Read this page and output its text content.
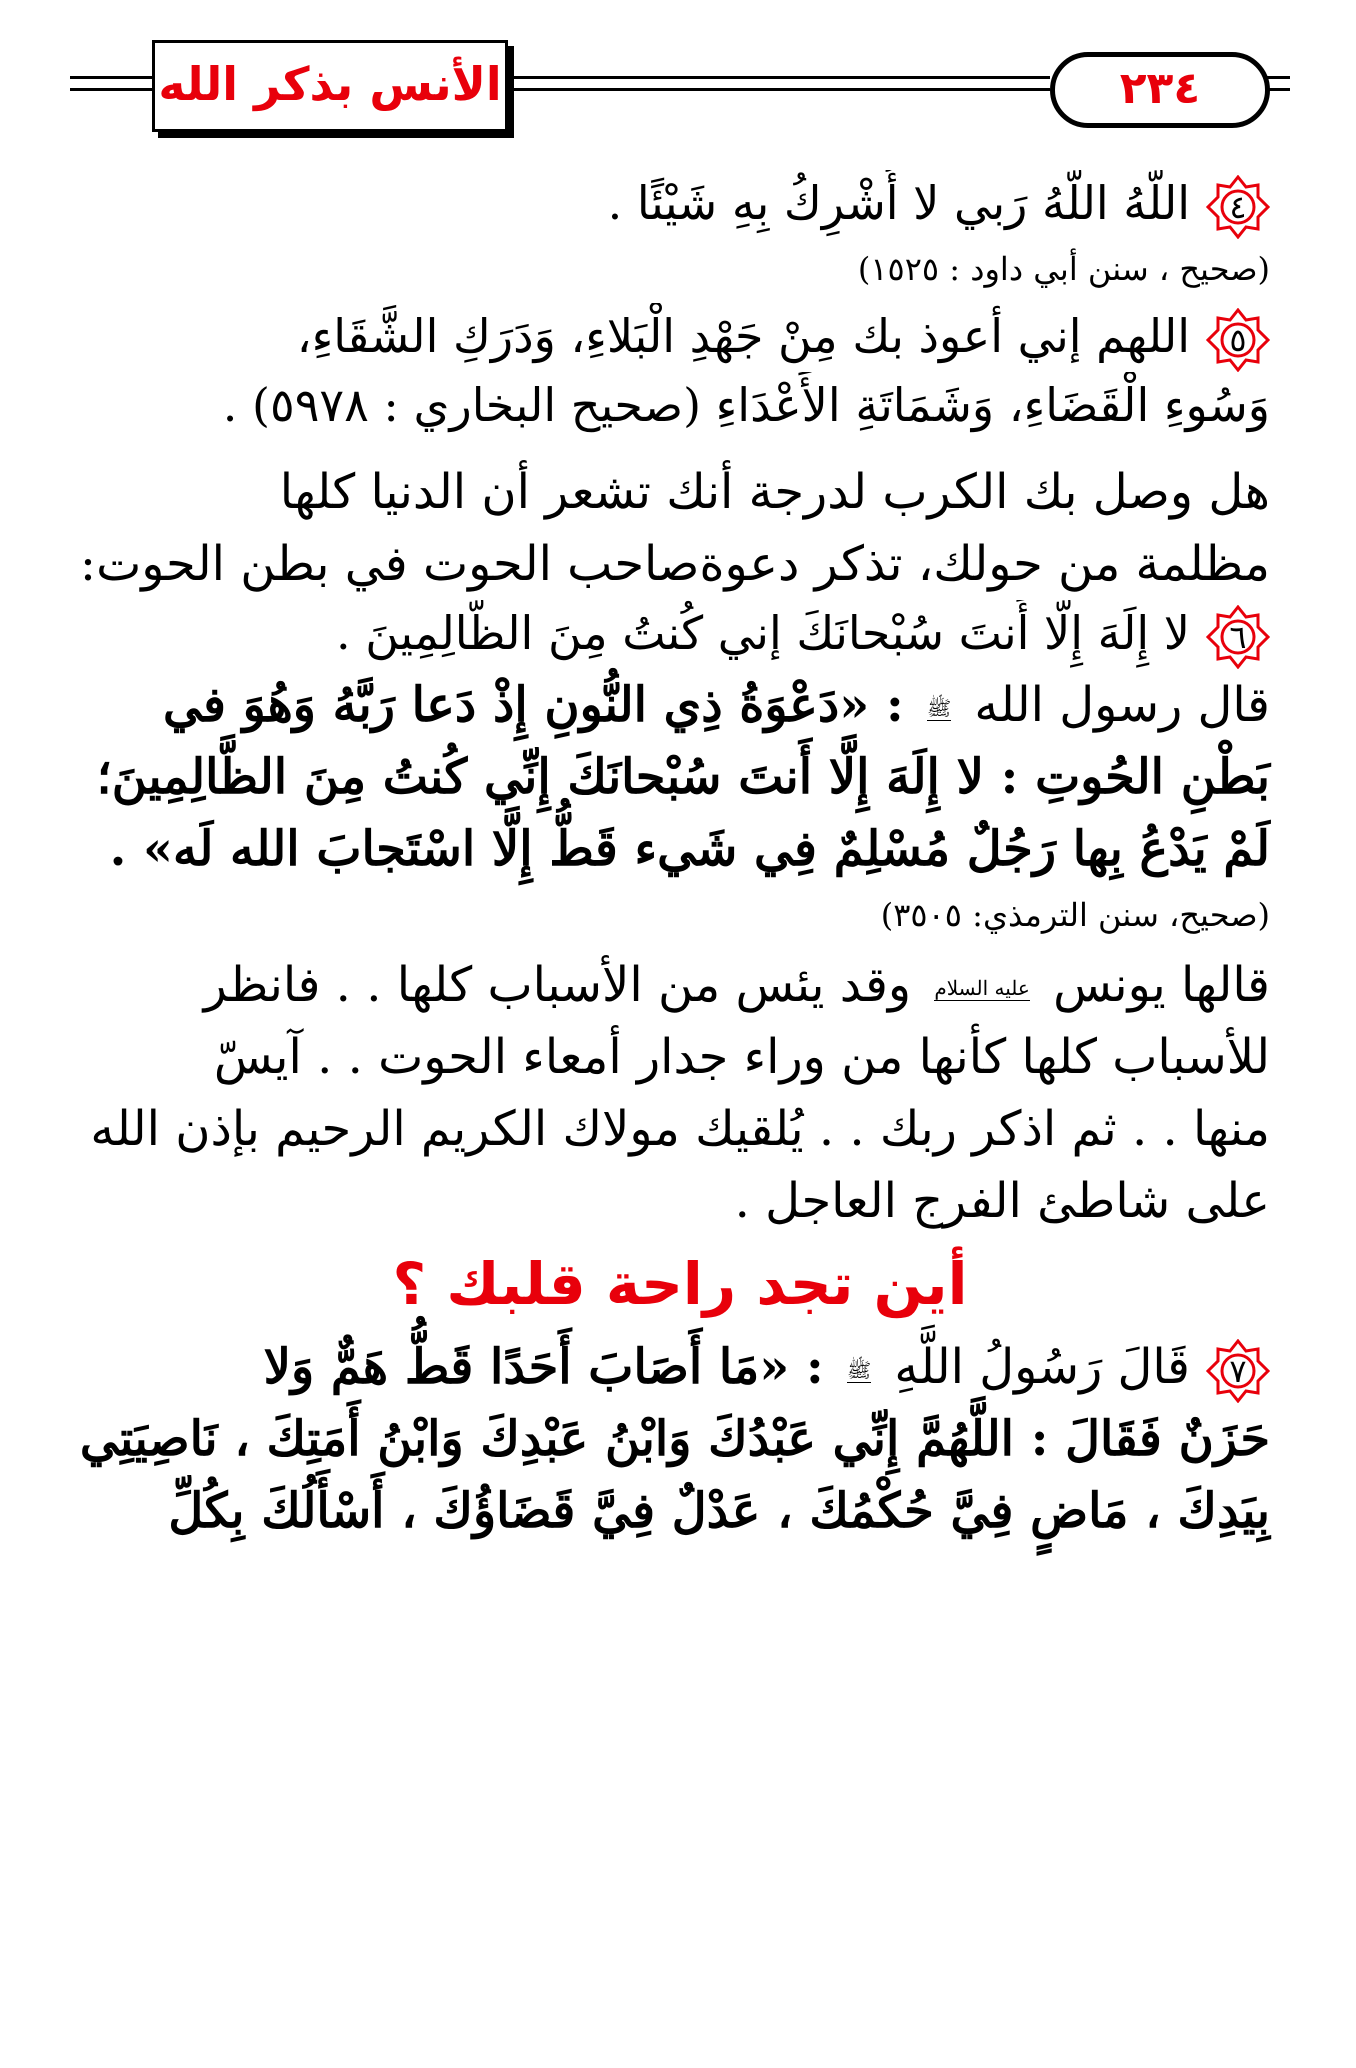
الأنس بذكر الله	٢٣٤
٤
اللَّهُ اللَّهُ رَبي لا أُشْرِكُ بِهِ شَيْئًا .
(صحيح ، سنن أبي داود : ١٥٢٥)
٥
اللهم إني أعوذ بك مِنْ جَهْدِ الْبَلاءِ، وَدَرَكِ الشَّقَاءِ،
وَسُوءِ الْقَضَاءِ، وَشَمَاتَةِ الأَعْدَاءِ (صحيح البخاري : ٥٩٧٨) .
هل وصل بك الكرب لدرجة أنك تشعر أن الدنيا كلها
مظلمة من حولك، تذكر دعوةصاحب الحوت في بطن الحوت:
٦
لا إِلَهَ إِلَّا أَنتَ سُبْحانَكَ إني كُنتُ مِنَ الظَّالِمِينَ .
قال رسول الله ﷺ : «دَعْوَةُ ذِي النُّونِ إِذْ دَعا رَبَّهُ وَهُوَ في
بَطْنِ الحُوتِ : لا إِلَهَ إِلَّا أَنتَ سُبْحانَكَ إِنِّي كُنتُ مِنَ الظَّالِمِينَ؛
لَمْ يَدْعُ بِها رَجُلٌ مُسْلِمٌ فِي شَيء قَطُّ إِلَّا اسْتَجابَ الله لَه» .
(صحيح، سنن الترمذي: ٣٥٠٥)
قالها يونس عليه السلام وقد يئس من الأسباب كلها . . فانظر
للأسباب كلها كأنها من وراء جدار أمعاء الحوت . . آيسّ
منها . . ثم اذكر ربك . . يُلقيك مولاك الكريم الرحيم بإذن الله
على شاطئ الفرج العاجل .
أين تجد راحة قلبك ؟
٧
قَالَ رَسُولُ اللَّهِ ﷺ : «مَا أَصَابَ أَحَدًا قَطُّ هَمٌّ وَلا
حَزَنٌ فَقَالَ : اللَّهُمَّ إِنِّي عَبْدُكَ وَابْنُ عَبْدِكَ وَابْنُ أَمَتِكَ ، نَاصِيَتِي
بِيَدِكَ ، مَاضٍ فِيَّ حُكْمُكَ ، عَدْلٌ فِيَّ قَضَاؤُكَ ، أَسْأَلُكَ بِكُلِّ
